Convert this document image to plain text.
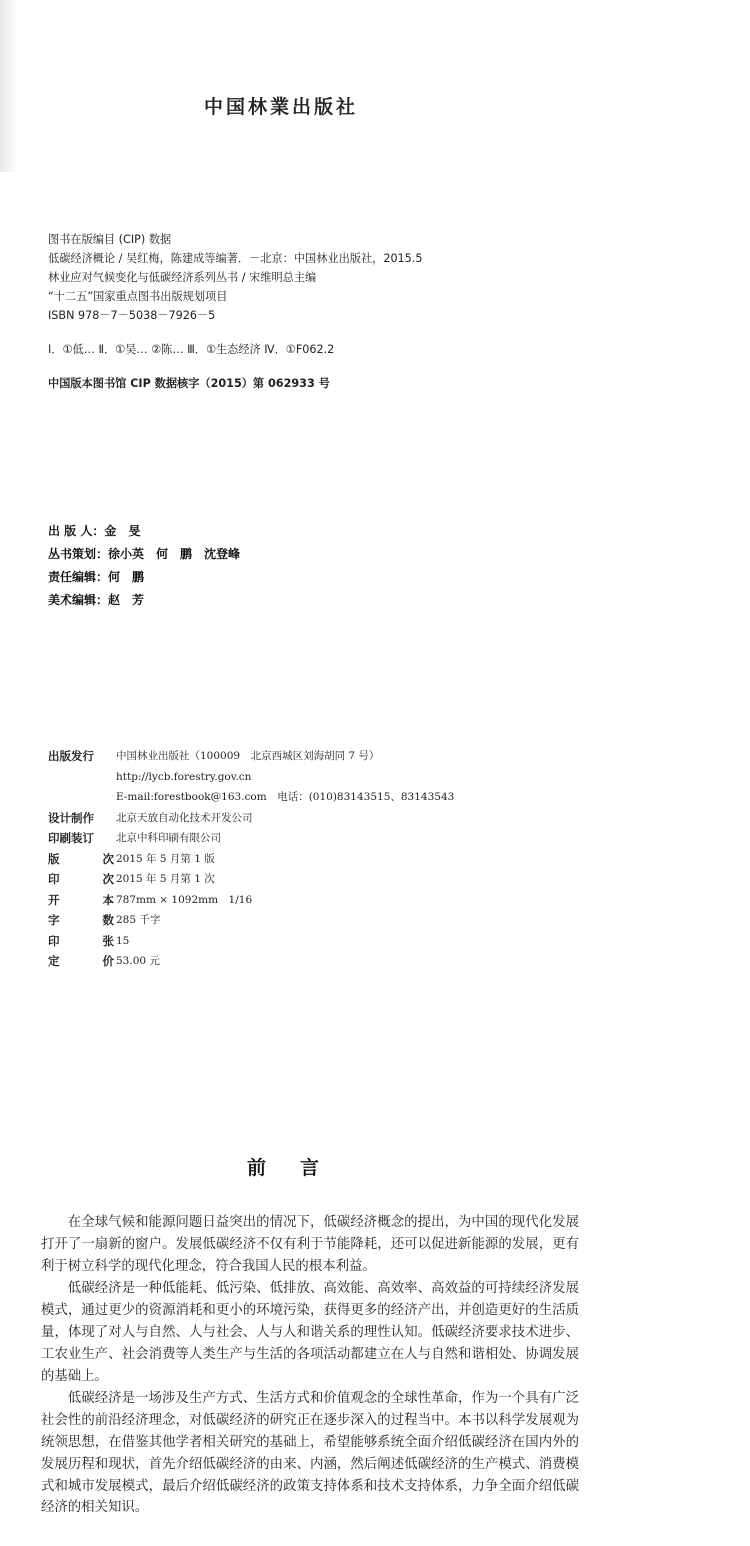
中国林業出版社
图书在版编目 (CIP) 数据
低碳经济概论 / 吴红梅，陈建成等编著．－北京：中国林业出版社，2015.5
林业应对气候变化与低碳经济系列丛书 / 宋维明总主编
“十二五”国家重点图书出版规划项目
ISBN 978－7－5038－7926－5
Ⅰ．①低… Ⅱ．①吴… ②陈… Ⅲ．①生态经济 Ⅳ．①F062.2
中国版本图书馆 CIP 数据核字（2015）第 062933 号
出 版 人：金　旻
丛书策划：徐小英　何　鹏　沈登峰
责任编辑：何　鹏
美术编辑：赵　芳
出版发行	中国林业出版社（100009　北京西城区刘海胡同 7 号）
http://lycb.forestry.gov.cn
E-mail:forestbook@163.com　电话：(010)83143515、83143543
设计制作	北京天放自动化技术开发公司
印刷装订	北京中科印刷有限公司
版	次 2015 年 5 月第 1 版
印	次 2015 年 5 月第 1 次
开	本 787mm × 1092mm　1/16
字	数 285 千字
印	张 15
定	价 53.00 元
前言

在全球气候和能源问题日益突出的情况下，低碳经济概念的提出，为中国的现代化发展打开了一扇新的窗户。发展低碳经济不仅有利于节能降耗，还可以促进新能源的发展，更有利于树立科学的现代化理念，符合我国人民的根本利益。

低碳经济是一种低能耗、低污染、低排放、高效能、高效率、高效益的可持续经济发展模式，通过更少的资源消耗和更小的环境污染，获得更多的经济产出，并创造更好的生活质量，体现了对人与自然、人与社会、人与人和谐关系的理性认知。低碳经济要求技术进步、工农业生产、社会消费等人类生产与生活的各项活动都建立在人与自然和谐相处、协调发展的基础上。

低碳经济是一场涉及生产方式、生活方式和价值观念的全球性革命，作为一个具有广泛社会性的前沿经济理念，对低碳经济的研究正在逐步深入的过程当中。本书以科学发展观为统领思想，在借鉴其他学者相关研究的基础上，希望能够系统全面介绍低碳经济在国内外的发展历程和现状，首先介绍低碳经济的由来、内涵，然后阐述低碳经济的生产模式、消费模式和城市发展模式，最后介绍低碳经济的政策支持体系和技术支持体系，力争全面介绍低碳经济的相关知识。
